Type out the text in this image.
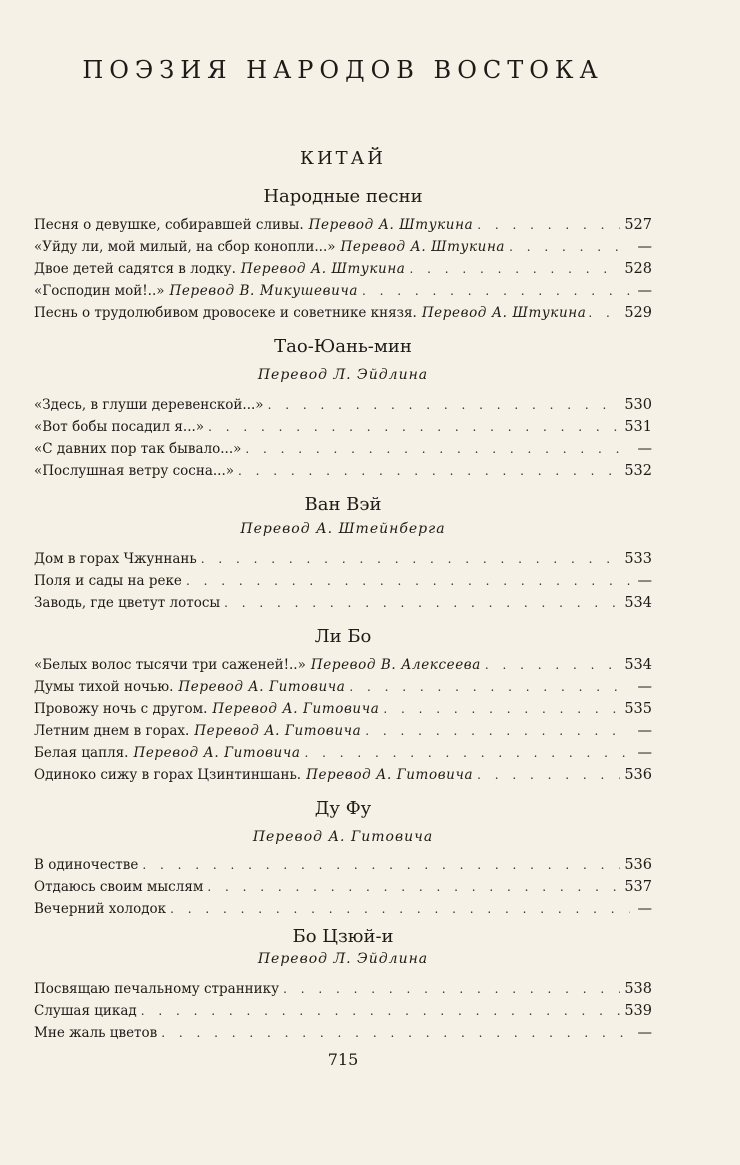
ПОЭЗИЯ НАРОДОВ ВОСТОКА
КИТАЙ
Народные песни
Песня о девушке, собиравшей сливы. Перевод А. Штукина . . .	527
«Уйду ли, мой милый, на сбор конопли...» Перевод А. Штукина . . .	—
Двое детей садятся в лодку. Перевод А. Штукина . . .	528
«Господин мой!..» Перевод В. Микушевича . . .	—
Песнь о трудолюбивом дровосеке и советнике князя. Перевод А. Штукина . . .	529
Тао-Юань-мин
Перевод Л. Эйдлина
«Здесь, в глуши деревенской...» . . .	530
«Вот бобы посадил я...» . . .	531
«С давних пор так бывало...» . . .	—
«Послушная ветру сосна...» . . .	532
Ван Вэй
Перевод А. Штейнберга
Дом в горах Чжуннань . . .	533
Поля и сады на реке . . .	—
Заводь, где цветут лотосы . . .	534
Ли Бо
«Белых волос тысячи три саженей!..» Перевод В. Алексеева . . .	534
Думы тихой ночью. Перевод А. Гитовича . . .	—
Провожу ночь с другом. Перевод А. Гитовича . . .	535
Летним днем в горах. Перевод А. Гитовича . . .	—
Белая цапля. Перевод А. Гитовича . . .	—
Одиноко сижу в горах Цзинтиншань. Перевод А. Гитовича . . .	536
Ду Фу
Перевод А. Гитовича
В одиночестве . . .	536
Отдаюсь своим мыслям . . .	537
Вечерний холодок . . .	—
Бо Цзюй-и
Перевод Л. Эйдлина
Посвящаю печальному страннику . . .	538
Слушая цикад . . .	539
Мне жаль цветов . . .	—
715
